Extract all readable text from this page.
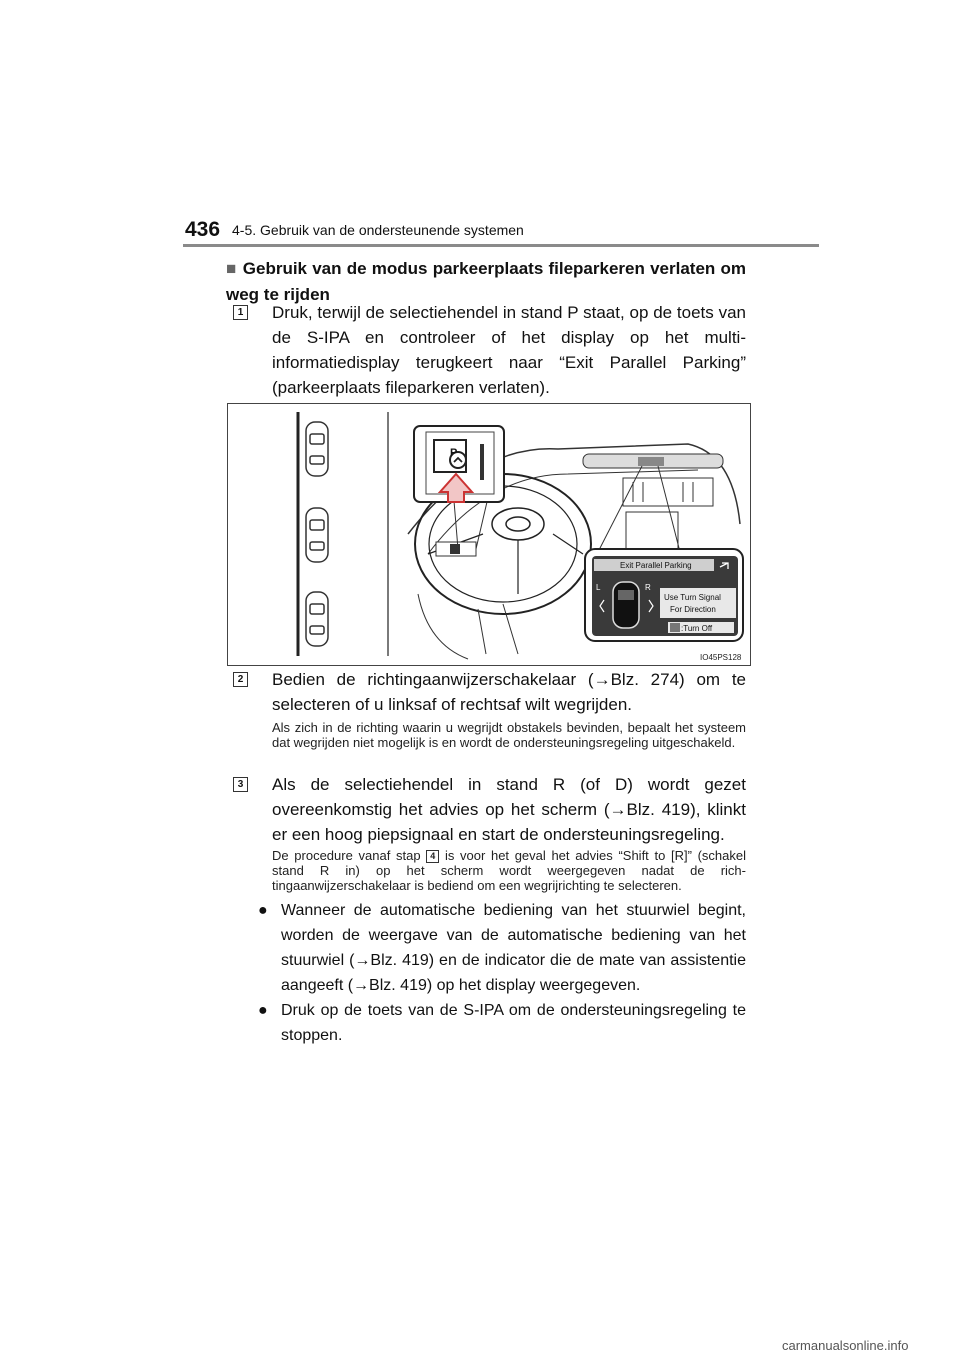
436 4-5. Gebruik van de ondersteunende systemen
■ Gebruik van de modus parkeerplaats fileparkeren verlaten om weg te rijden
1 Druk, terwijl de selectiehendel in stand P staat, op de toets van de S-IPA en controleer of het display op het multi-informatiedisplay terugkeert naar “Exit Parallel Parking” (parkeerplaats fileparkeren verlaten).
P
Exit Parallel Parking
L	R
Use Turn Signal
For Direction
:Turn Off
IO45PS128
2 Bedien de richtingaanwijzerschakelaar (→Blz. 274) om te selecteren of u linksaf of rechtsaf wilt wegrijden.
Als zich in de richting waarin u wegrijdt obstakels bevinden, bepaalt het systeem dat wegrijden niet mogelijk is en wordt de ondersteuningsregeling uitgeschakeld.
3 Als de selectiehendel in stand R (of D) wordt gezet overeenkomstig het advies op het scherm (→Blz. 419), klinkt er een hoog piepsignaal en start de ondersteuningsregeling.
De procedure vanaf stap 4 is voor het geval het advies “Shift to [R]” (schakel stand R in) op het scherm wordt weergegeven nadat de richtingaanwijzerschakelaar is bediend om een wegrijrichting te selecteren.
● Wanneer de automatische bediening van het stuurwiel begint, worden de weergave van de automatische bediening van het stuurwiel (→Blz. 419) en de indicator die de mate van assistentie aangeeft (→Blz. 419) op het display weergegeven.
● Druk op de toets van de S-IPA om de ondersteuningsregeling te stoppen.
carmanualsonline.info
